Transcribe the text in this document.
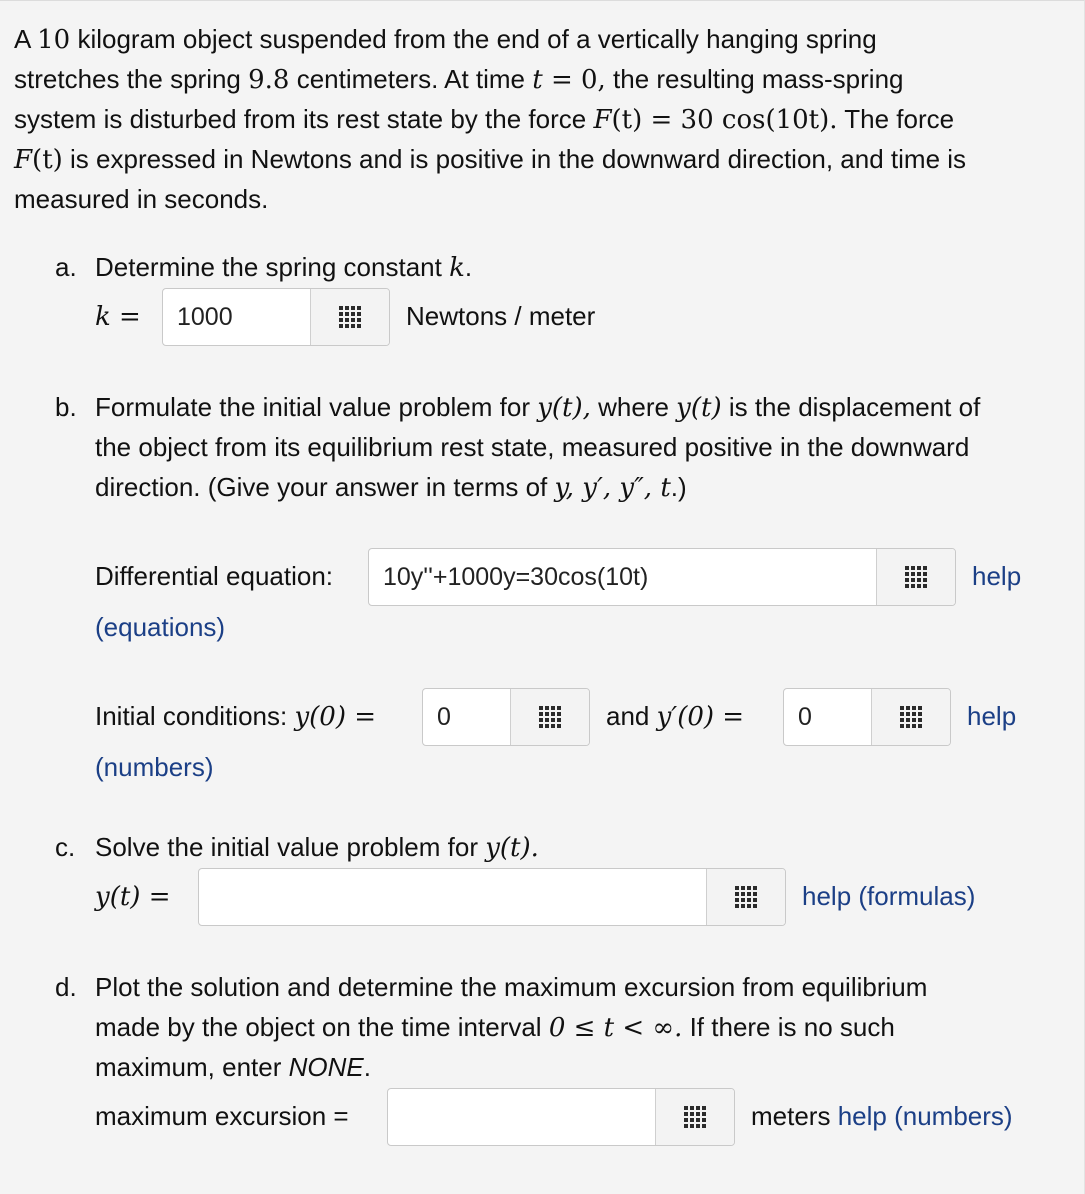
A 10 kilogram object suspended from the end of a vertically hanging spring
stretches the spring 9.8 centimeters. At time t = 0, the resulting mass-spring
system is disturbed from its rest state by the force F(t) = 30 cos(10t). The force
F(t) is expressed in Newtons and is positive in the downward direction, and time is
measured in seconds.
a. Determine the spring constant k.
k = 1000	Newtons / meter
b. Formulate the initial value problem for y(t), where y(t) is the displacement of
the object from its equilibrium rest state, measured positive in the downward
direction. (Give your answer in terms of y, y′, y″, t.)
Differential equation: 10y''+1000y=30cos(10t)	help
(equations)
Initial conditions: y(0) = 0	and y′(0) = 0	help
(numbers)
c. Solve the initial value problem for y(t).
y(t) =	help (formulas)
d. Plot the solution and determine the maximum excursion from equilibrium
made by the object on the time interval 0 ≤ t < ∞. If there is no such
maximum, enter NONE.
maximum excursion =	meters help (numbers)
